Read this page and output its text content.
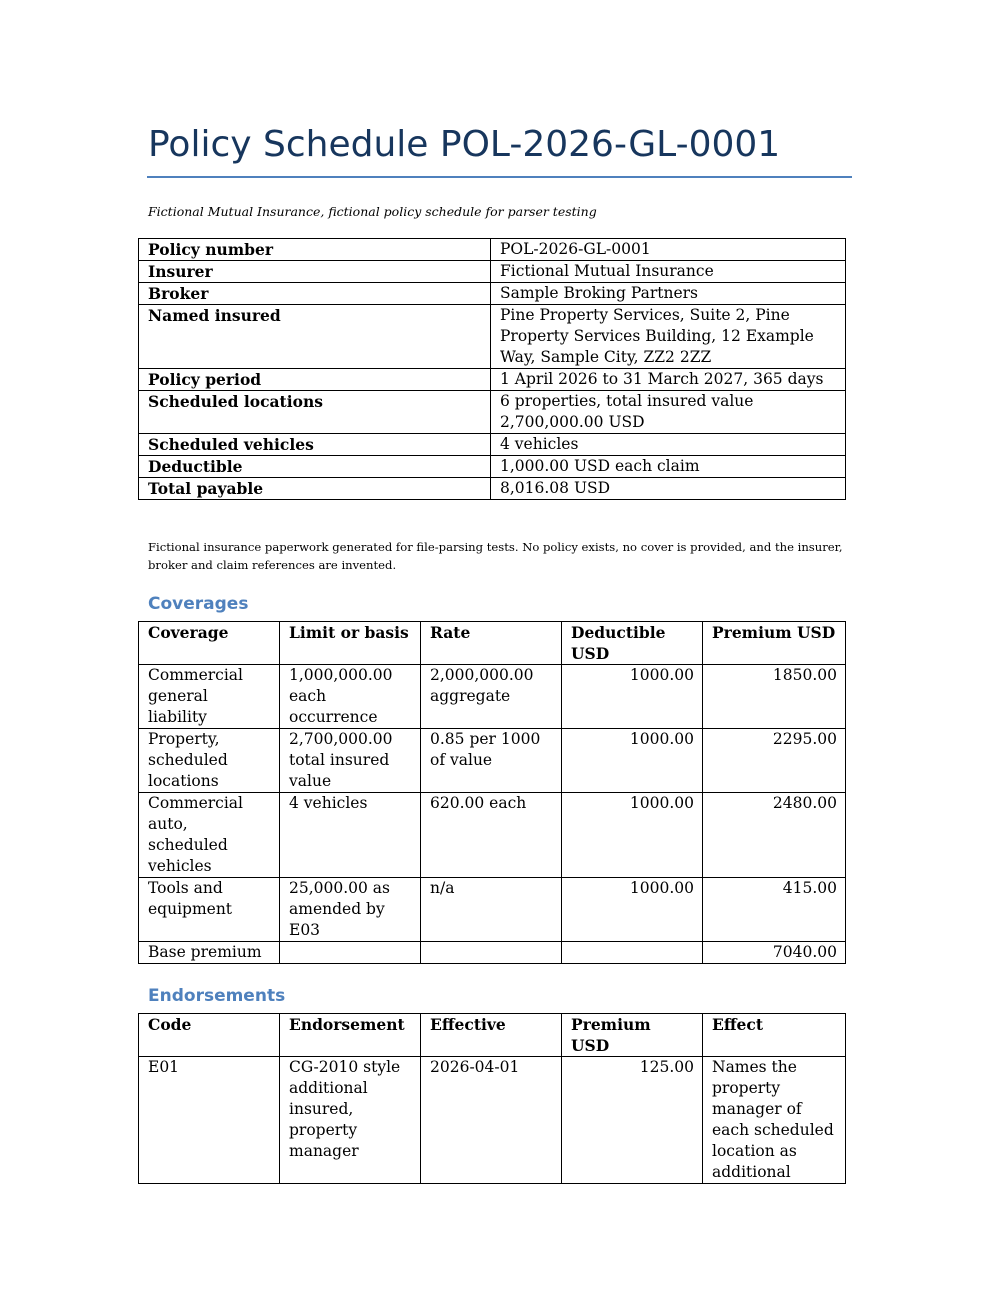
Policy Schedule POL-2026-GL-0001

Fictional Mutual Insurance, fictional policy schedule for parser testing

Policy number	POL-2026-GL-0001
Insurer	Fictional Mutual Insurance
Broker	Sample Broking Partners
Named insured	Pine Property Services, Suite 2, Pine Property Services Building, 12 Example Way, Sample City, ZZ2 2ZZ
Policy period	1 April 2026 to 31 March 2027, 365 days
Scheduled locations	6 properties, total insured value 2,700,000.00 USD
Scheduled vehicles	4 vehicles
Deductible	1,000.00 USD each claim
Total payable	8,016.08 USD

Fictional insurance paperwork generated for file-parsing tests. No policy exists, no cover is provided, and the insurer, broker and claim references are invented.

Coverages
Coverage	Limit or basis	Rate	Deductible USD	Premium USD
Commercial general liability	1,000,000.00 each occurrence	2,000,000.00 aggregate	1000.00	1850.00
Property, scheduled locations	2,700,000.00 total insured value	0.85 per 1000 of value	1000.00	2295.00
Commercial auto, scheduled vehicles	4 vehicles	620.00 each	1000.00	2480.00
Tools and equipment	25,000.00 as amended by E03	n/a	1000.00	415.00
Base premium				7040.00
Endorsements
Code	Endorsement	Effective	Premium USD	Effect
E01	CG-2010 style additional insured, property manager	2026-04-01	125.00	Names the property manager of each scheduled location as additional
